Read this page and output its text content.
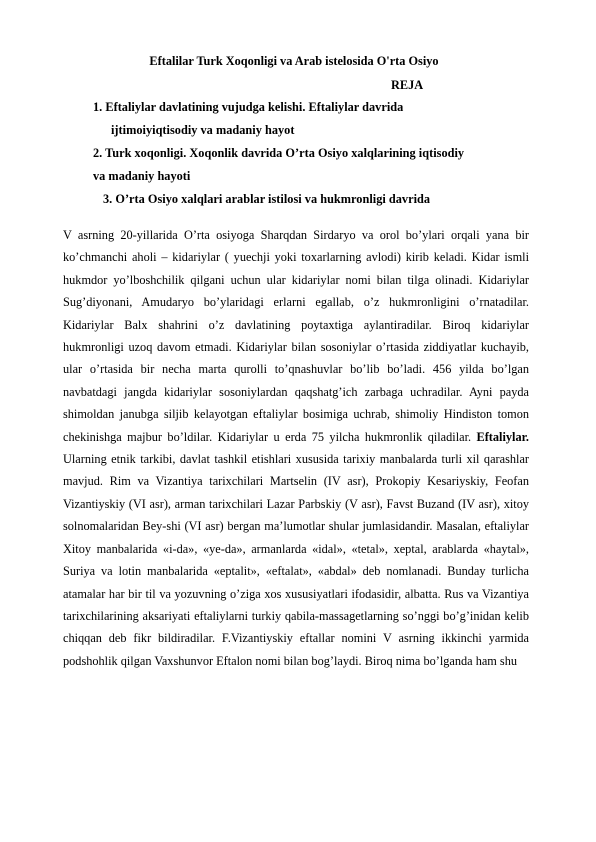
Eftalilar Turk Xoqonligi va Arab istelosida O'rta Osiyo
REJA
1. Eftaliylar davlatining vujudga kelishi. Eftaliylar davrida
ijtimoiyiqtisodiy va madaniy hayot
2. Turk xoqonligi. Xoqonlik davrida O’rta Osiyo xalqlarining iqtisodiy
va madaniy hayoti
3. O’rta Osiyo xalqlari arablar istilosi va hukmronligi davrida
V asrning 20-yillarida O’rta osiyoga Sharqdan Sirdaryo va orol bo’ylari orqali yana bir ko’chmanchi aholi – kidariylar ( yuechji yoki toxarlarning avlodi) kirib keladi. Kidar ismli hukmdor yo’lboshchilik qilgani uchun ular kidariylar nomi bilan tilga olinadi. Kidariylar Sug’diyonani, Amudaryo bo’ylaridagi erlarni egallab, o’z hukmronligini o’rnatadilar. Kidariylar Balx shahrini o’z davlatining poytaxtiga aylantiradilar. Biroq kidariylar hukmronligi uzoq davom etmadi. Kidariylar bilan sosoniylar o’rtasida ziddiyatlar kuchayib, ular o’rtasida bir necha marta qurolli to’qnashuvlar bo’lib bo’ladi. 456 yilda bo’lgan navbatdagi jangda kidariylar sosoniylardan qaqshatg’ich zarbaga uchradilar. Ayni payda shimoldan janubga siljib kelayotgan eftaliylar bosimiga uchrab, shimoliy Hindiston tomon chekinishga majbur bo’ldilar. Kidariylar u erda 75 yilcha hukmronlik qiladilar. Eftaliylar. Ularning etnik tarkibi, davlat tashkil etishlari xususida tarixiy manbalarda turli xil qarashlar mavjud. Rim va Vizantiya tarixchilari Martselin (IV asr), Prokopiy Kesariyskiy, Feofan Vizantiyskiy (VI asr), arman tarixchilari Lazar Parbskiy (V asr), Favst Buzand (IV asr), xitoy solnomalaridan Bey-shi (VI asr) bergan ma’lumotlar shular jumlasidandir. Masalan, eftaliylar Xitoy manbalarida «i-da», «ye-da», armanlarda «idal», «tetal», xeptal, arablarda «haytal», Suriya va lotin manbalarida «eptalit», «eftalat», «abdal» deb nomlanadi. Bunday turlicha atamalar har bir til va yozuvning o’ziga xos xususiyatlari ifodasidir, albatta. Rus va Vizantiya tarixchilarining aksariyati eftaliylarni turkiy qabila-massagetlarning so’nggi bo’g’inidan kelib chiqqan deb fikr bildiradilar. F.Vizantiyskiy eftallar nomini V asrning ikkinchi yarmida podshohlik qilgan Vaxshunvor Eftalon nomi bilan bog’laydi. Biroq nima bo’lganda ham shu
